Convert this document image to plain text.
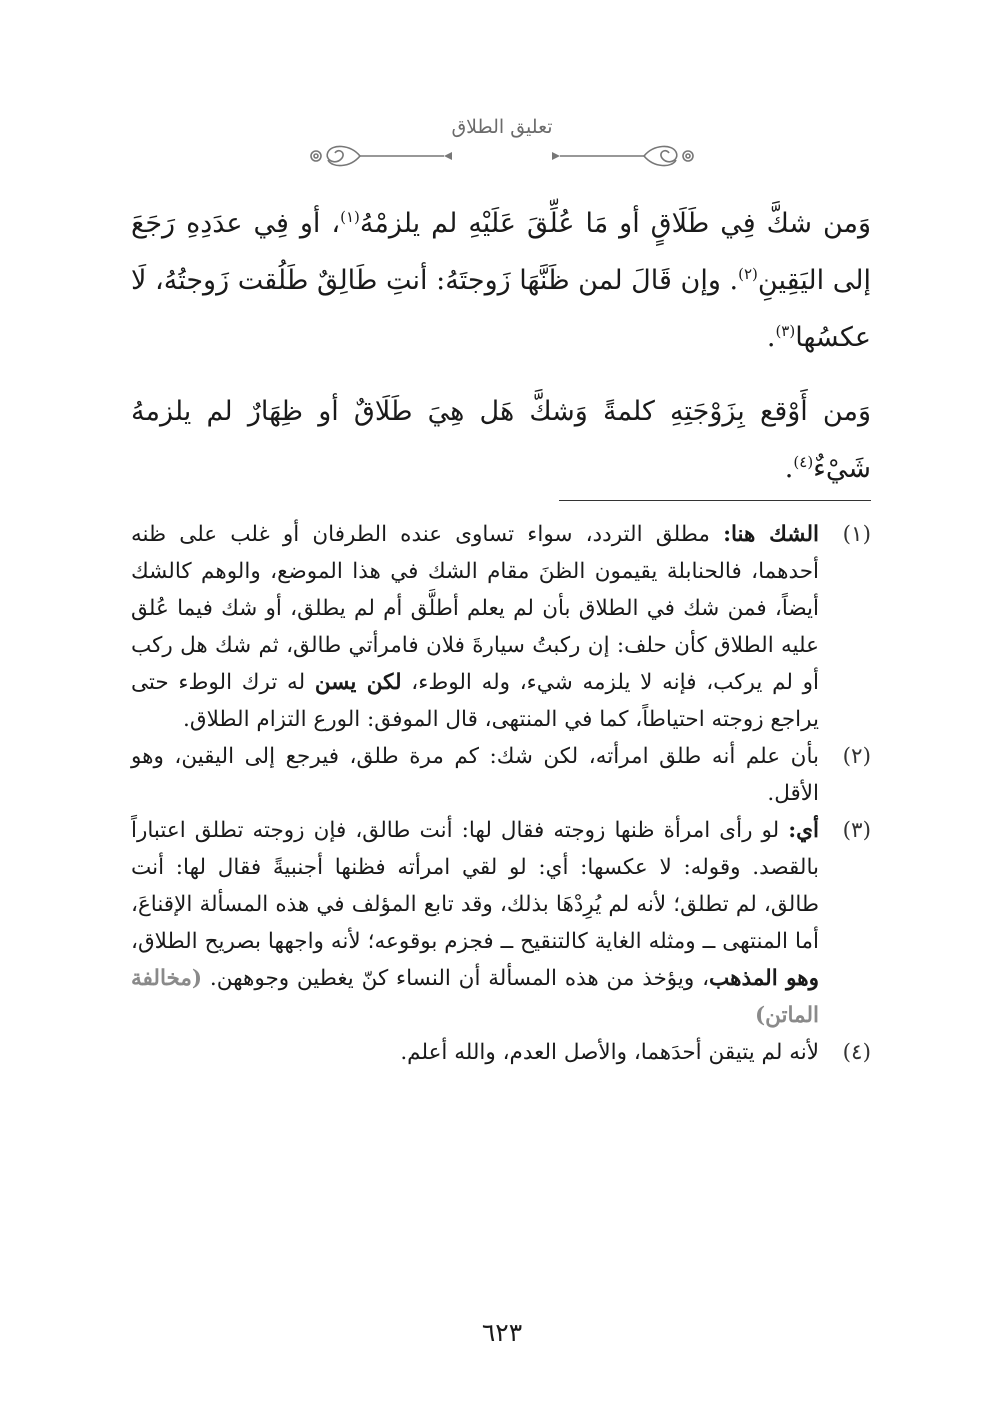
تعليق الطلاق

وَمن شكَّ فِي طَلَاقٍ أو مَا عُلِّقَ عَلَيْهِ لم يلزمْهُ$^{(١)}$، أو فِي عدَدِهِ رَجَعَ إلى اليَقِينِ$^{(٢)}$. وإن قَالَ لمن ظَنَّهَا زَوجتَهُ: أنتِ طَالِقٌ طَلُقت زَوجتُهُ، لَا عكسُها$^{(٣)}$.

وَمن أَوْقع بِزَوْجَتِهِ كلمةً وَشكَّ هَل هِيَ طَلَاقٌ أو ظِهَارٌ لم يلزمهُ شَيْءٌ$^{(٤)}$.

(١)
الشك هنا: مطلق التردد، سواء تساوى عنده الطرفان أو غلب على ظنه أحدهما، فالحنابلة يقيمون الظنَ مقام الشك في هذا الموضع، والوهم كالشك أيضاً، فمن شك في الطلاق بأن لم يعلم أطلَّق أم لم يطلق، أو شك فيما عُلق عليه الطلاق كأن حلف: إن ركبتُ سيارةَ فلان فامرأتي طالق، ثم شك هل ركب أو لم يركب، فإنه لا يلزمه شيء، وله الوطء، لكن يسن له ترك الوطء حتى يراجع زوجته احتياطاً، كما في المنتهى، قال الموفق: الورع التزام الطلاق.
(٢)
بأن علم أنه طلق امرأته، لكن شك: كم مرة طلق، فيرجع إلى اليقين، وهو الأقل.
(٣)
أي: لو رأى امرأة ظنها زوجته فقال لها: أنت طالق، فإن زوجته تطلق اعتباراً بالقصد. وقوله: لا عكسها: أي: لو لقي امرأته فظنها أجنبيةً فقال لها: أنت طالق، لم تطلق؛ لأنه لم يُرِدْهَا بذلك، وقد تابع المؤلف في هذه المسألة الإقناعَ، أما المنتهى ــ ومثله الغاية كالتنقيح ــ فجزم بوقوعه؛ لأنه واجهها بصريح الطلاق، وهو المذهب، ويؤخذ من هذه المسألة أن النساء كنّ يغطين وجوههن. (مخالفة الماتن)
(٤)
لأنه لم يتيقن أحدَهما، والأصل العدم، والله أعلم.
٦٢٣
